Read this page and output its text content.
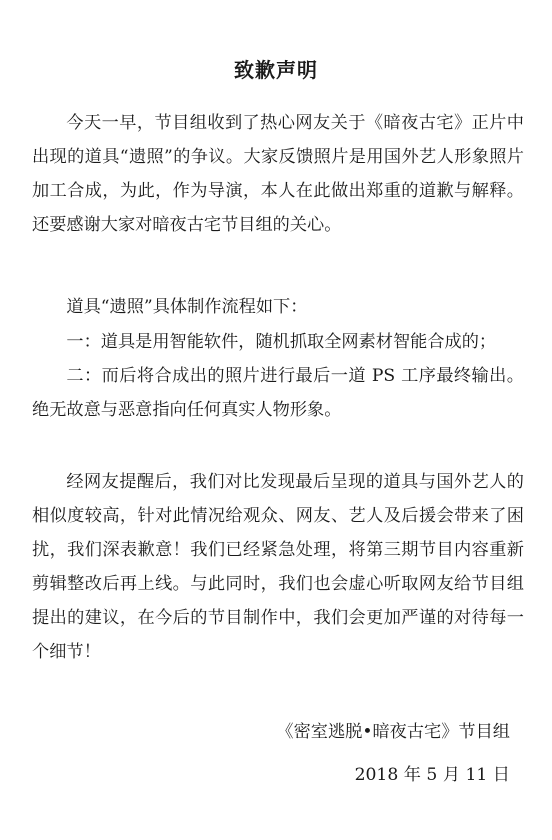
致歉声明

今天一早，节目组收到了热心网友关于《暗夜古宅》正片中出现的道具“遗照”的争议。大家反馈照片是用国外艺人形象照片加工合成，为此，作为导演，本人在此做出郑重的道歉与解释。还要感谢大家对暗夜古宅节目组的关心。

道具“遗照”具体制作流程如下：

一：道具是用智能软件，随机抓取全网素材智能合成的；

二：而后将合成出的照片进行最后一道 PS 工序最终输出。绝无故意与恶意指向任何真实人物形象。

经网友提醒后，我们对比发现最后呈现的道具与国外艺人的相似度较高，针对此情况给观众、网友、艺人及后援会带来了困扰，我们深表歉意！我们已经紧急处理，将第三期节目内容重新剪辑整改后再上线。与此同时，我们也会虚心听取网友给节目组提出的建议，在今后的节目制作中，我们会更加严谨的对待每一个细节！

《密室逃脱•暗夜古宅》节目组
2018 年 5 月 11 日
